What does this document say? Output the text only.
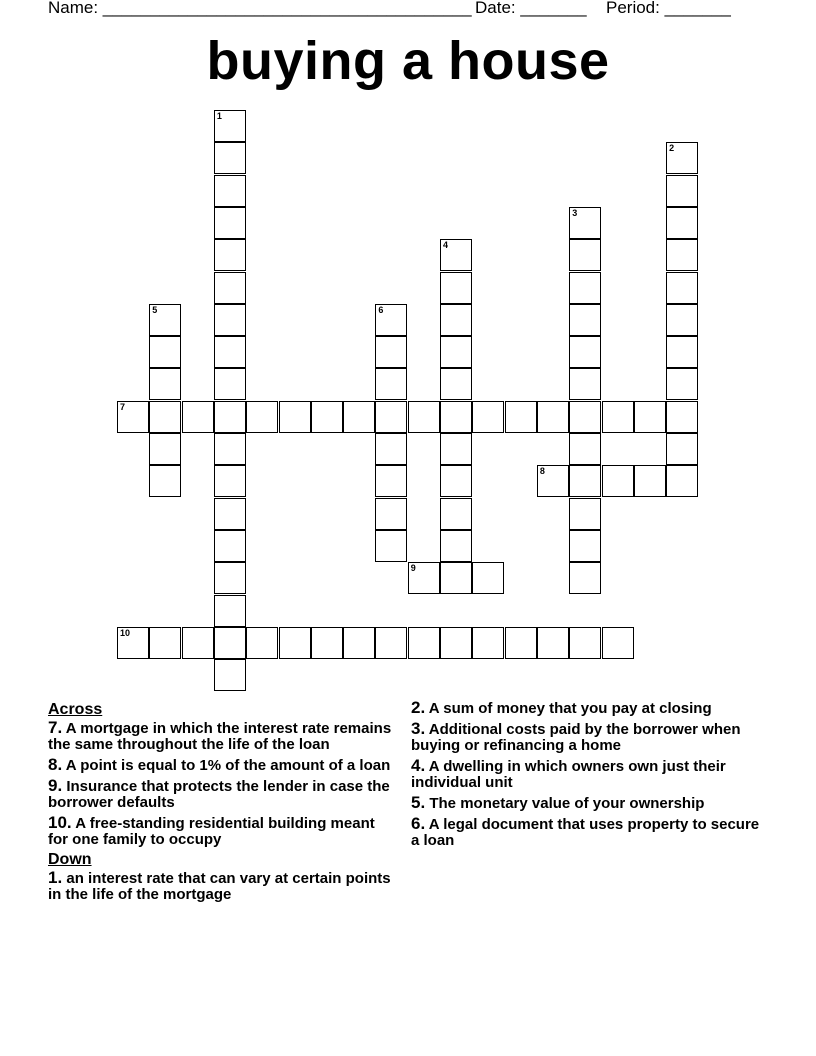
Name: _______________________________________ Date: _______ Period: _______
buying a house
1
2
3
4
5	6
7
8
9
10
Across
7. A mortgage in which the interest rate remains the same throughout the life of the loan
8. A point is equal to 1% of the amount of a loan
9. Insurance that protects the lender in case the borrower defaults
10. A free-standing residential building meant for one family to occupy
Down
1. an interest rate that can vary at certain points in the life of the mortgage
2. A sum of money that you pay at closing
3. Additional costs paid by the borrower when buying or refinancing a home
4. A dwelling in which owners own just their individual unit
5. The monetary value of your ownership
6. A legal document that uses property to secure a loan
